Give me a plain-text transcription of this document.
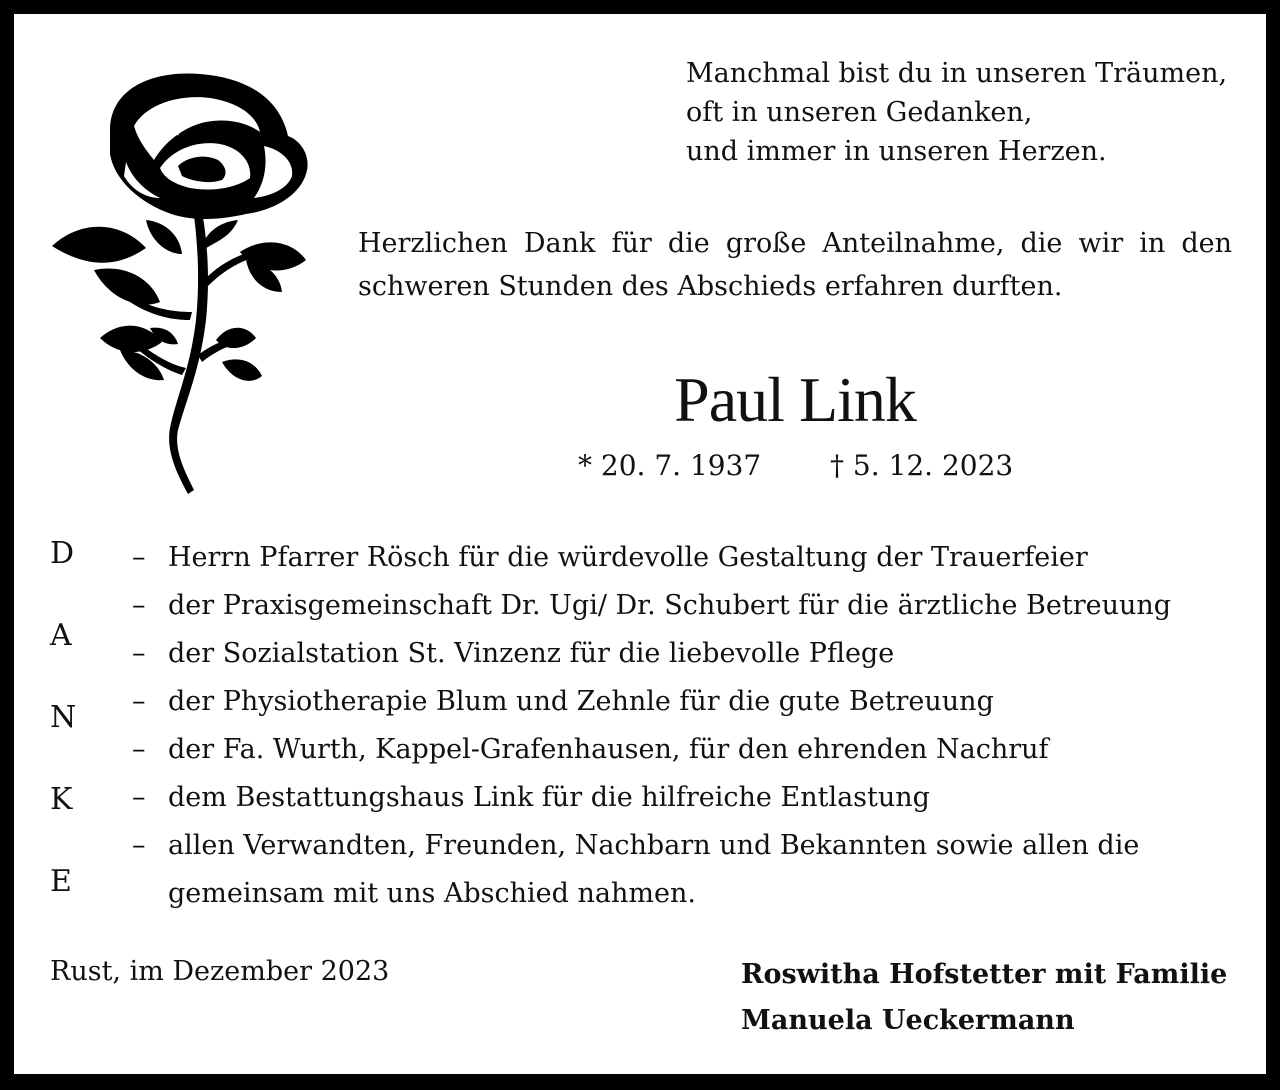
Manchmal bist du in unseren Träumen,
oft in unseren Gedanken,
und immer in unseren Herzen.
Herzlichen Dank für die große Anteilnahme, die wir in den
schweren Stunden des Abschieds erfahren durften.
Paul Link
* 20. 7. 1937 † 5. 12. 2023
D
A
N
K
E
– Herrn Pfarrer Rösch für die würdevolle Gestaltung der Trauerfeier
– der Praxisgemeinschaft Dr. Ugi/ Dr. Schubert für die ärztliche Betreuung
– der Sozialstation St. Vinzenz für die liebevolle Pflege
– der Physiotherapie Blum und Zehnle für die gute Betreuung
– der Fa. Wurth, Kappel-Grafenhausen, für den ehrenden Nachruf
– dem Bestattungshaus Link für die hilfreiche Entlastung
– allen Verwandten, Freunden, Nachbarn und Bekannten sowie allen die
gemeinsam mit uns Abschied nahmen.
Rust, im Dezember 2023	Roswitha Hofstetter mit Familie
Manuela Ueckermann
